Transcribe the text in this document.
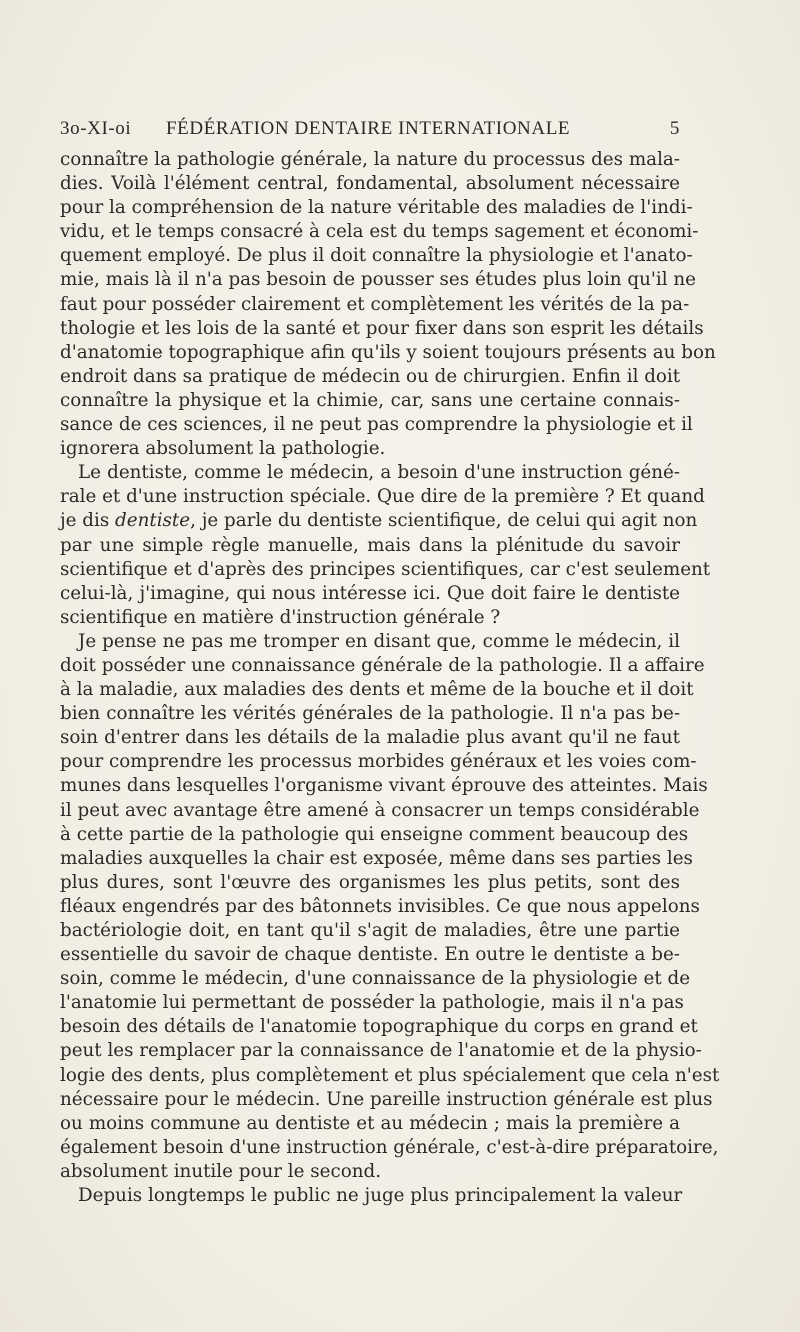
3o-XI-oi FÉDÉRATION DENTAIRE INTERNATIONALE	5
connaître la pathologie générale, la nature du processus des mala-
dies. Voilà l'élément central, fondamental, absolument nécessaire
pour la compréhension de la nature véritable des maladies de l'indi-
vidu, et le temps consacré à cela est du temps sagement et économi-
quement employé. De plus il doit connaître la physiologie et l'anato-
mie, mais là il n'a pas besoin de pousser ses études plus loin qu'il ne
faut pour posséder clairement et complètement les vérités de la pa-
thologie et les lois de la santé et pour fixer dans son esprit les détails
d'anatomie topographique afin qu'ils y soient toujours présents au bon
endroit dans sa pratique de médecin ou de chirurgien. Enfin il doit
connaître la physique et la chimie, car, sans une certaine connais-
sance de ces sciences, il ne peut pas comprendre la physiologie et il
ignorera absolument la pathologie.
Le dentiste, comme le médecin, a besoin d'une instruction géné-
rale et d'une instruction spéciale. Que dire de la première ? Et quand
je dis dentiste, je parle du dentiste scientifique, de celui qui agit non
par une simple règle manuelle, mais dans la plénitude du savoir
scientifique et d'après des principes scientifiques, car c'est seulement
celui-là, j'imagine, qui nous intéresse ici. Que doit faire le dentiste
scientifique en matière d'instruction générale ?
Je pense ne pas me tromper en disant que, comme le médecin, il
doit posséder une connaissance générale de la pathologie. Il a affaire
à la maladie, aux maladies des dents et même de la bouche et il doit
bien connaître les vérités générales de la pathologie. Il n'a pas be-
soin d'entrer dans les détails de la maladie plus avant qu'il ne faut
pour comprendre les processus morbides généraux et les voies com-
munes dans lesquelles l'organisme vivant éprouve des atteintes. Mais
il peut avec avantage être amené à consacrer un temps considérable
à cette partie de la pathologie qui enseigne comment beaucoup des
maladies auxquelles la chair est exposée, même dans ses parties les
plus dures, sont l'œuvre des organismes les plus petits, sont des
fléaux engendrés par des bâtonnets invisibles. Ce que nous appelons
bactériologie doit, en tant qu'il s'agit de maladies, être une partie
essentielle du savoir de chaque dentiste. En outre le dentiste a be-
soin, comme le médecin, d'une connaissance de la physiologie et de
l'anatomie lui permettant de posséder la pathologie, mais il n'a pas
besoin des détails de l'anatomie topographique du corps en grand et
peut les remplacer par la connaissance de l'anatomie et de la physio-
logie des dents, plus complètement et plus spécialement que cela n'est
nécessaire pour le médecin. Une pareille instruction générale est plus
ou moins commune au dentiste et au médecin ; mais la première a
également besoin d'une instruction générale, c'est-à-dire préparatoire,
absolument inutile pour le second.
Depuis longtemps le public ne juge plus principalement la valeur
